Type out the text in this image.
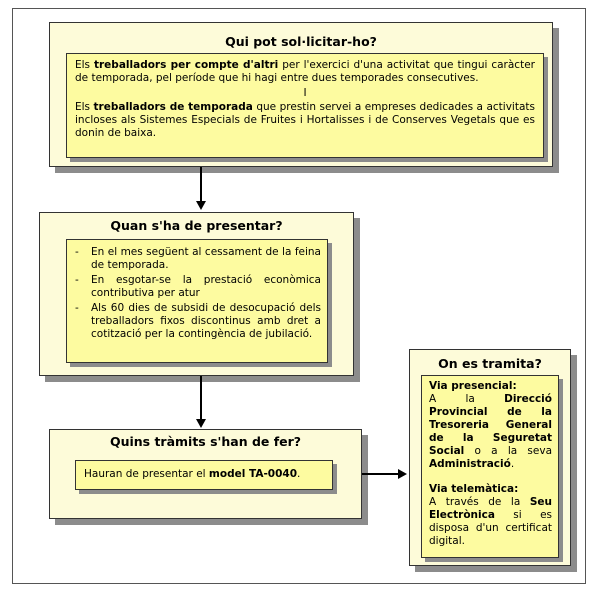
Qui pot sol·licitar-ho?

Els treballadors per compte d'altri per l'exercici d'una activitat que tingui caràcter de temporada, pel període que hi hagi entre dues temporades consecutives.

I

Els treballadors de temporada que prestin servei a empreses dedicades a activitats incloses als Sistemes Especials de Fruites i Hortalisses i de Conserves Vegetals que es donin de baixa.

Quan s'ha de presentar?
- En el mes següent al cessament de la feina de temporada.
- En esgotar-se la prestació econòmica contributiva per atur
- Als 60 dies de subsidi de desocupació dels treballadors fixos discontinus amb dret a cotització per la contingència de jubilació.
Quins tràmits s'han de fer?

Hauran de presentar el model TA-0040.

On es tramita?

Via presencial:

A la Direcció Provincial de la Tresoreria General de la Seguretat Social o a la seva Administració.

Via telemàtica:

A través de la Seu Electrònica si es disposa d'un certificat digital.
